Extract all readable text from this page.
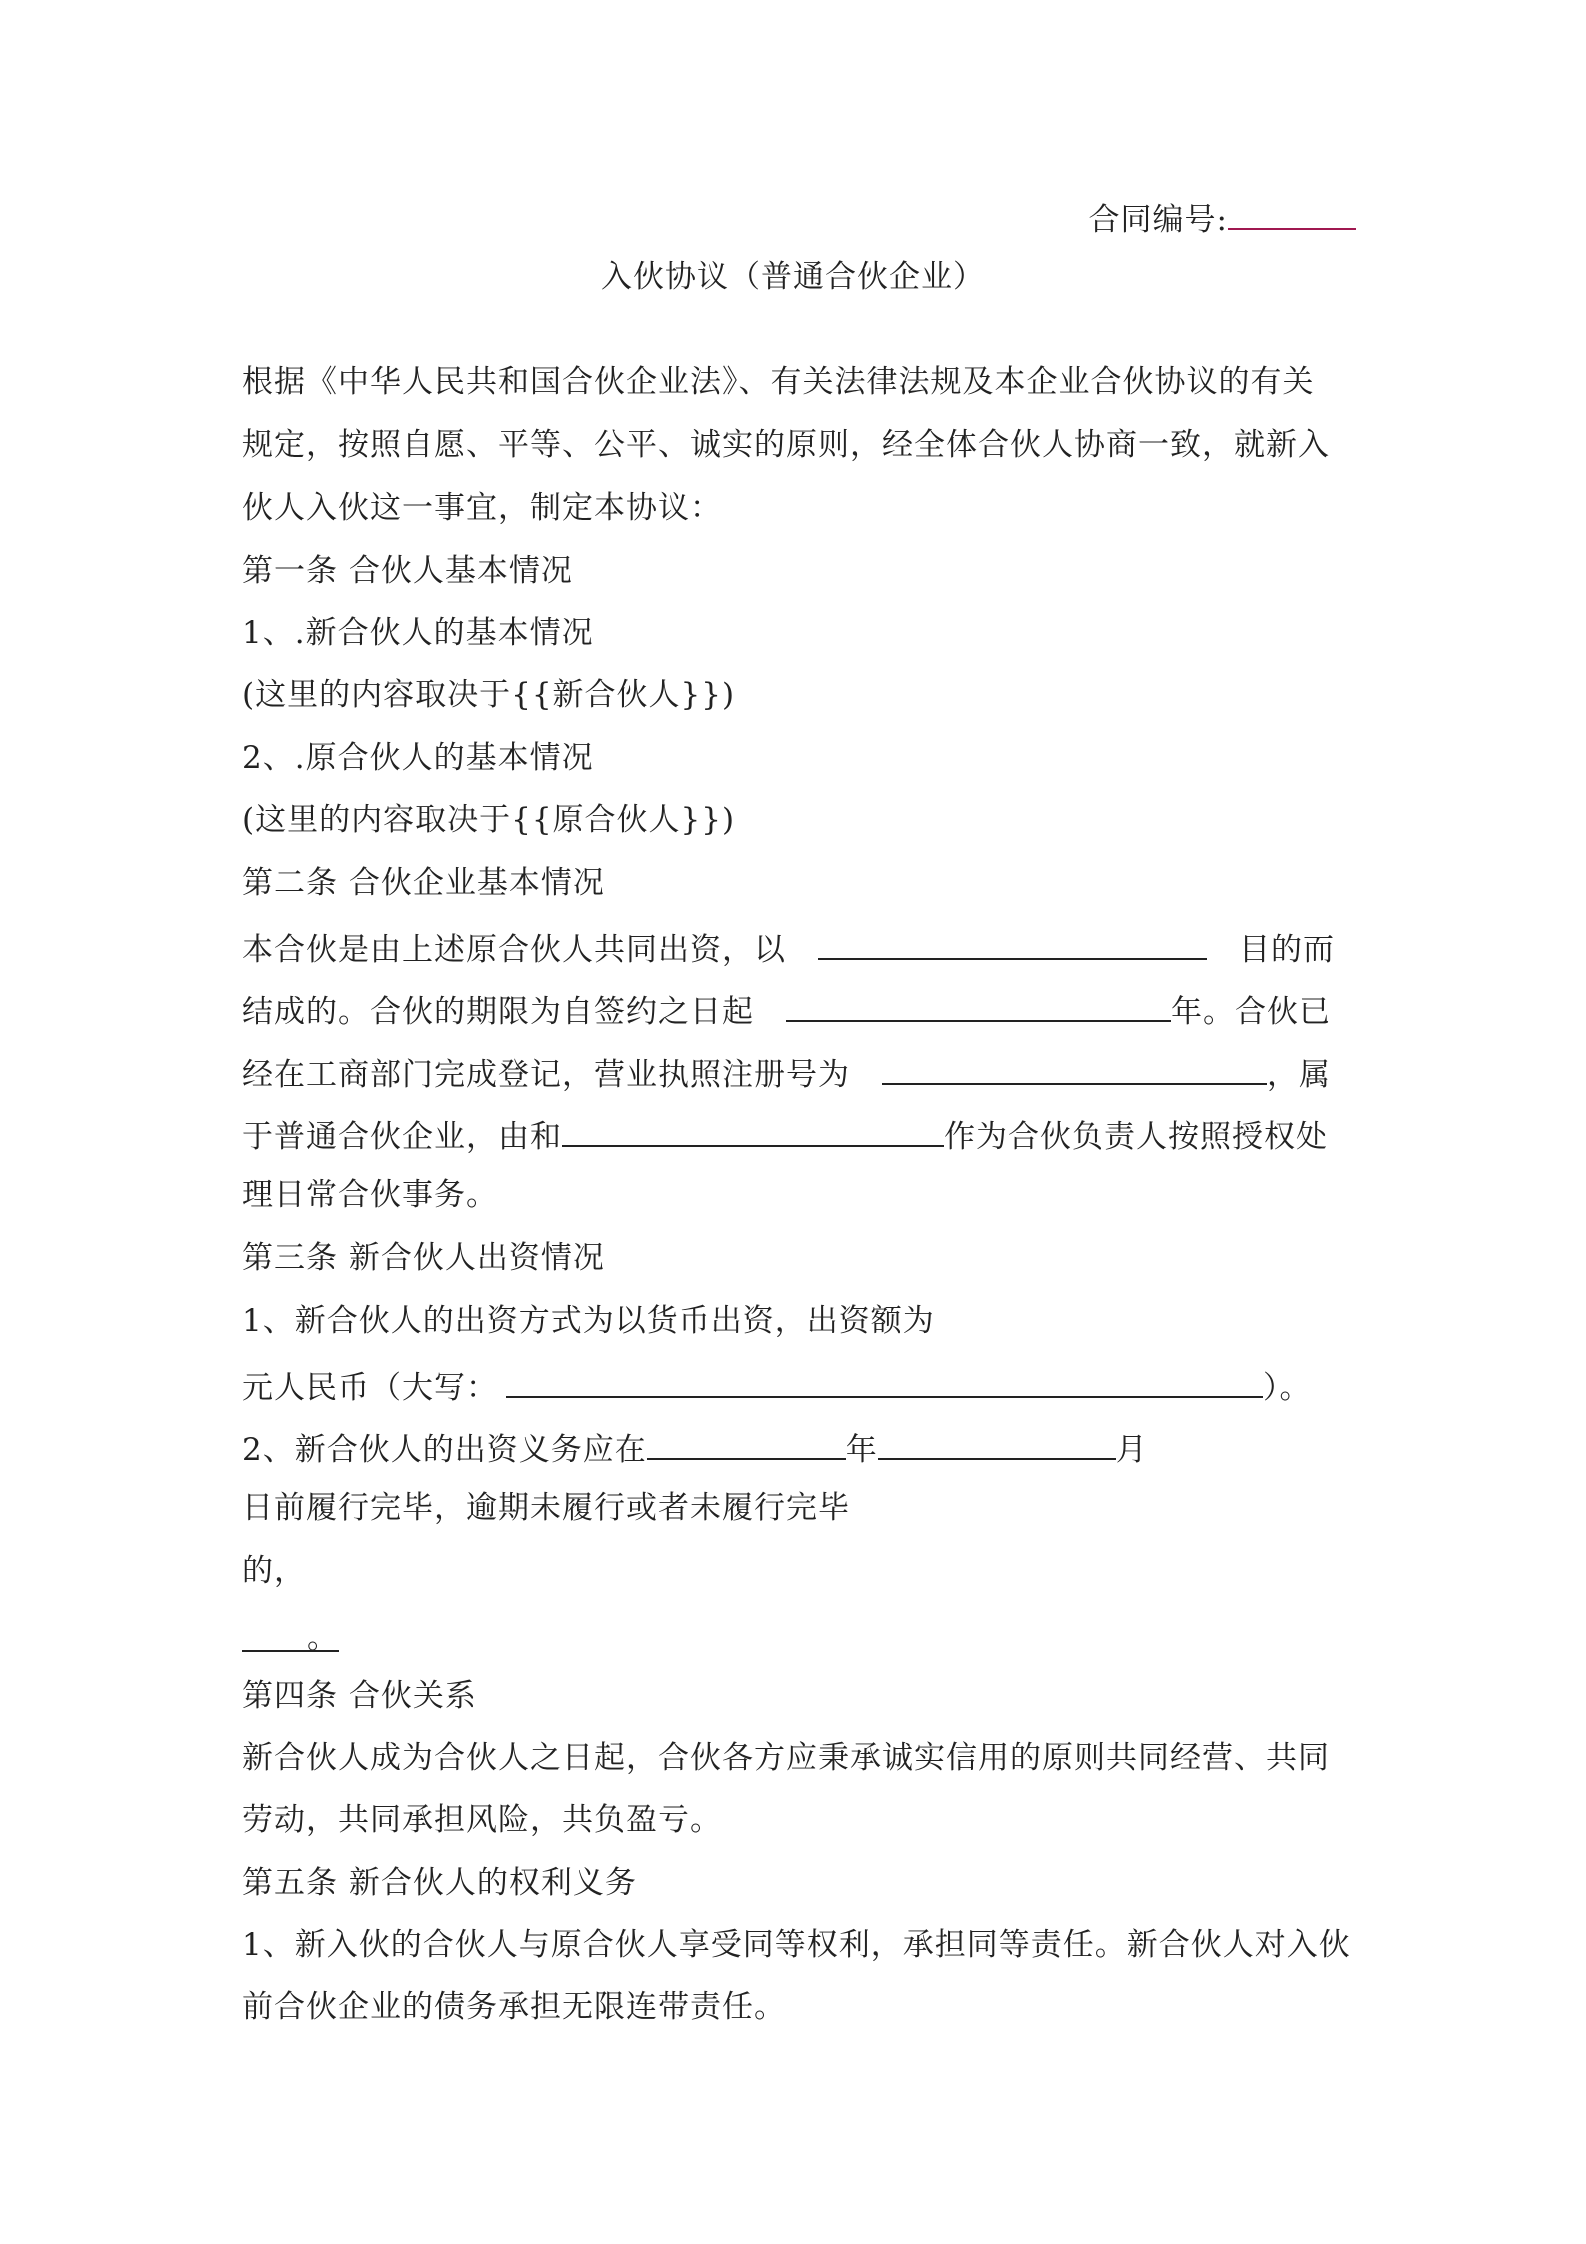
合同编号:
入伙协议（普通合伙企业）
根据《中华人民共和国合伙企业法》、有关法律法规及本企业合伙协议的有关
规定，按照自愿、平等、公平、诚实的原则，经全体合伙人协商一致，就新入
伙人入伙这一事宜，制定本协议：
第一条 合伙人基本情况
1、.新合伙人的基本情况
(这里的内容取决于{{新合伙人}})
2、.原合伙人的基本情况
(这里的内容取决于{{原合伙人}})
第二条 合伙企业基本情况
本合伙是由上述原合伙人共同出资，以	目的而
结成的。合伙的期限为自签约之日起	年。合伙已
经在工商部门完成登记，营业执照注册号为	，属
于普通合伙企业，由和	作为合伙负责人按照授权处
理日常合伙事务。
第三条 新合伙人出资情况
1、新合伙人的出资方式为以货币出资，出资额为
元人民币（大写：	）。
2、新合伙人的出资义务应在	年	月
日前履行完毕，逾期未履行或者未履行完毕
的，
。
第四条 合伙关系
新合伙人成为合伙人之日起，合伙各方应秉承诚实信用的原则共同经营、共同
劳动，共同承担风险，共负盈亏。
第五条 新合伙人的权利义务
1、新入伙的合伙人与原合伙人享受同等权利，承担同等责任。新合伙人对入伙
前合伙企业的债务承担无限连带责任。
